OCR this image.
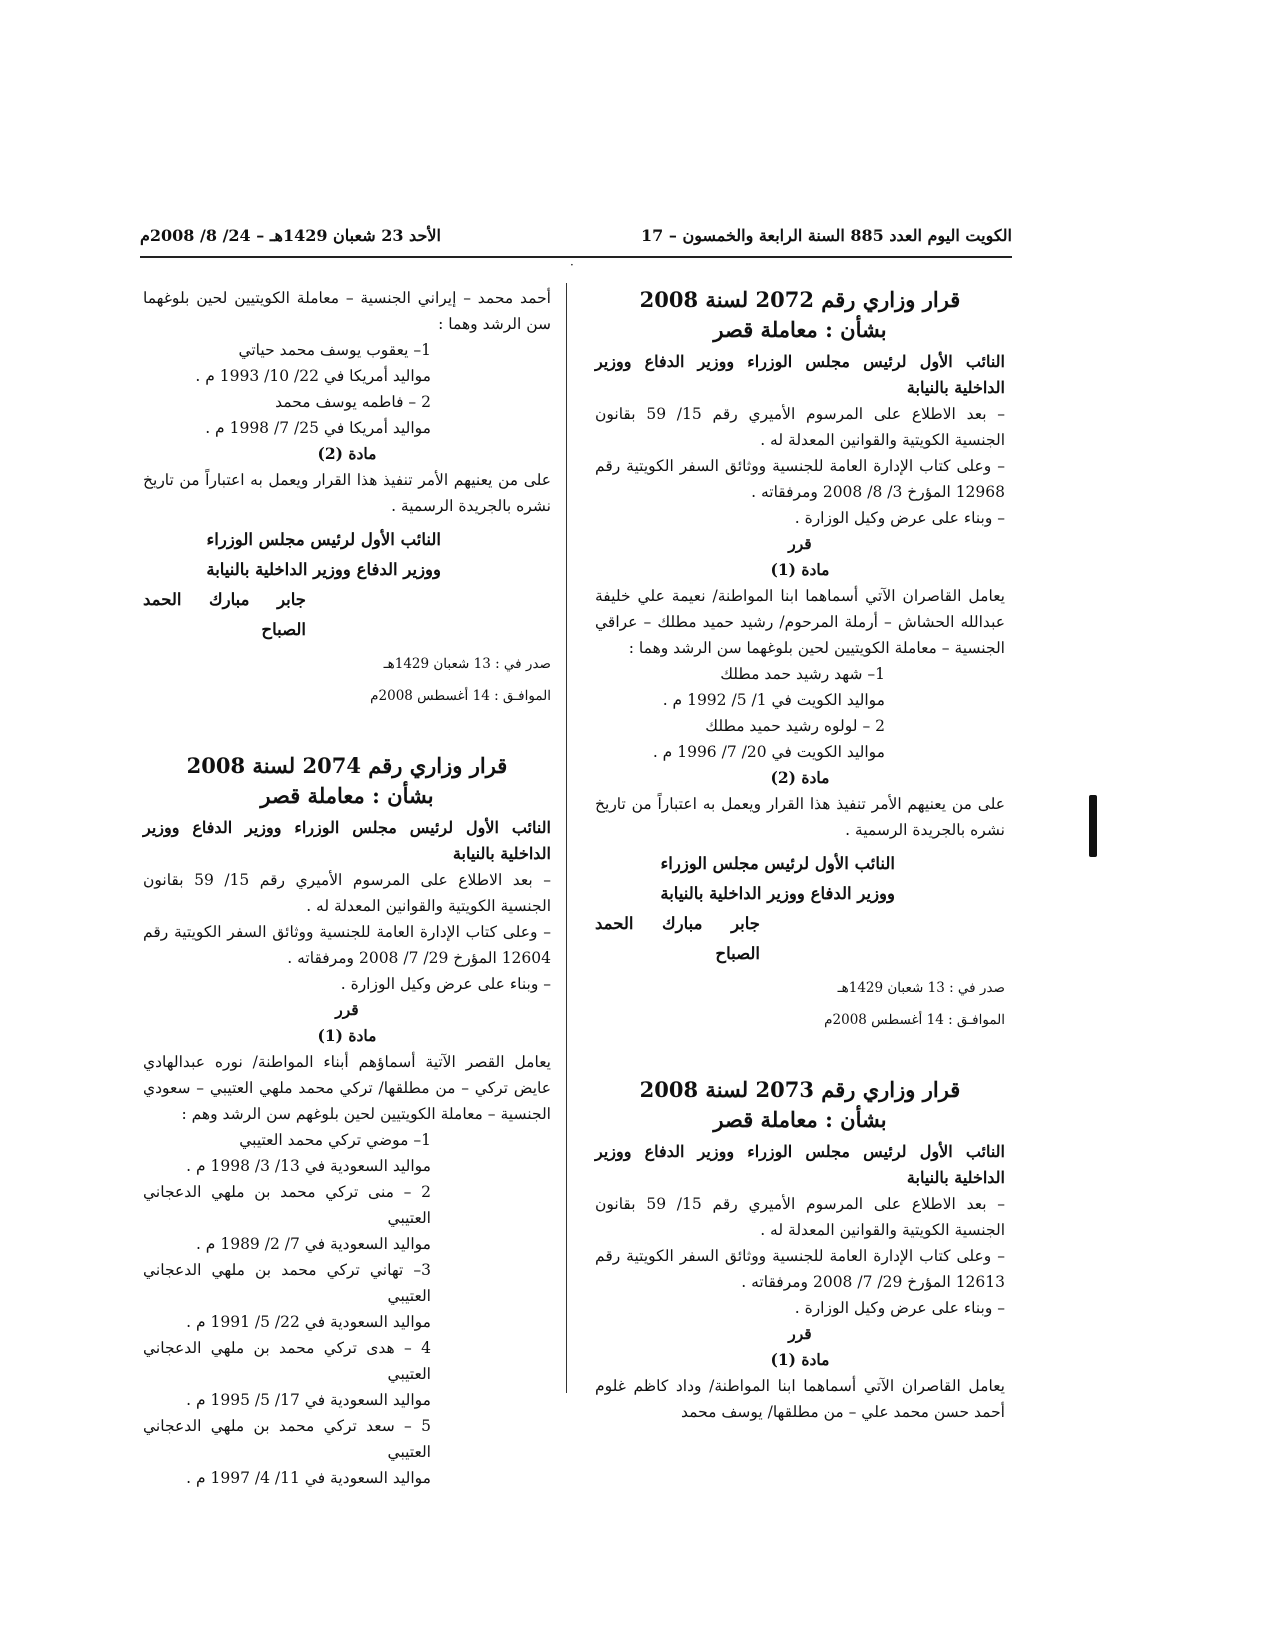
الكويت اليوم العدد 885 السنة الرابعة والخمسون – 17
الأحد 23 شعبان 1429هـ – 24/ 8/ 2008م
·
قرار وزاري رقم 2072 لسنة 2008
بشأن : معاملة قصر

النائب الأول لرئيس مجلس الوزراء ووزير الدفاع ووزير الداخلية بالنيابة

– بعد الاطلاع على المرسوم الأميري رقم 15/ 59 بقانون الجنسية الكويتية والقوانين المعدلة له .

– وعلى كتاب الإدارة العامة للجنسية ووثائق السفر الكويتية رقم 12968 المؤرخ 3/ 8/ 2008 ومرفقاته .

– وبناء على عرض وكيل الوزارة .

قرر

مادة (1)

يعامل القاصران الآتي أسماهما ابنا المواطنة/ نعيمة علي خليفة عبدالله الحشاش – أرملة المرحوم/ رشيد حميد مطلك – عراقي الجنسية – معاملة الكويتيين لحين بلوغهما سن الرشد وهما :

1– شهد رشيد حمد مطلك

مواليد الكويت في 1/ 5/ 1992 م .

2 – لولوه رشيد حميد مطلك

مواليد الكويت في 20/ 7/ 1996 م .

مادة (2)

على من يعنيهم الأمر تنفيذ هذا القرار ويعمل به اعتباراً من تاريخ نشره بالجريدة الرسمية .

النائب الأول لرئيس مجلس الوزراء

ووزير الدفاع ووزير الداخلية بالنيابة

جابر مبارك الحمد الصباح

صدر في : 13 شعبان 1429هـ

الموافـق : 14 أغسطس 2008م

قرار وزاري رقم 2073 لسنة 2008
بشأن : معاملة قصر

النائب الأول لرئيس مجلس الوزراء ووزير الدفاع ووزير الداخلية بالنيابة

– بعد الاطلاع على المرسوم الأميري رقم 15/ 59 بقانون الجنسية الكويتية والقوانين المعدلة له .

– وعلى كتاب الإدارة العامة للجنسية ووثائق السفر الكويتية رقم 12613 المؤرخ 29/ 7/ 2008 ومرفقاته .

– وبناء على عرض وكيل الوزارة .

قرر

مادة (1)

يعامل القاصران الآتي أسماهما ابنا المواطنة/ وداد كاظم غلوم أحمد حسن محمد علي – من مطلقها/ يوسف محمد

أحمد محمد – إيراني الجنسية – معاملة الكويتيين لحين بلوغهما سن الرشد وهما :

1– يعقوب يوسف محمد حياتي

مواليد أمريكا في 22/ 10/ 1993 م .

2 – فاطمه يوسف محمد

مواليد أمريكا في 25/ 7/ 1998 م .

مادة (2)

على من يعنيهم الأمر تنفيذ هذا القرار ويعمل به اعتباراً من تاريخ نشره بالجريدة الرسمية .

النائب الأول لرئيس مجلس الوزراء

ووزير الدفاع ووزير الداخلية بالنيابة

جابر مبارك الحمد الصباح

صدر في : 13 شعبان 1429هـ

الموافـق : 14 أغسطس 2008م

قرار وزاري رقم 2074 لسنة 2008
بشأن : معاملة قصر

النائب الأول لرئيس مجلس الوزراء ووزير الدفاع ووزير الداخلية بالنيابة

– بعد الاطلاع على المرسوم الأميري رقم 15/ 59 بقانون الجنسية الكويتية والقوانين المعدلة له .

– وعلى كتاب الإدارة العامة للجنسية ووثائق السفر الكويتية رقم 12604 المؤرخ 29/ 7/ 2008 ومرفقاته .

– وبناء على عرض وكيل الوزارة .

قرر

مادة (1)

يعامل القصر الآتية أسماؤهم أبناء المواطنة/ نوره عبدالهادي عايض تركي – من مطلقها/ تركي محمد ملهي العتيبي – سعودي الجنسية – معاملة الكويتيين لحين بلوغهم سن الرشد وهم :

1– موضي تركي محمد العتيبي

مواليد السعودية في 13/ 3/ 1998 م .

2 – منى تركي محمد بن ملهي الدعجاني العتيبي

مواليد السعودية في 7/ 2/ 1989 م .

3– تهاني تركي محمد بن ملهي الدعجاني العتيبي

مواليد السعودية في 22/ 5/ 1991 م .

4 – هدى تركي محمد بن ملهي الدعجاني العتيبي

مواليد السعودية في 17/ 5/ 1995 م .

5 – سعد تركي محمد بن ملهي الدعجاني العتيبي

مواليد السعودية في 11/ 4/ 1997 م .
